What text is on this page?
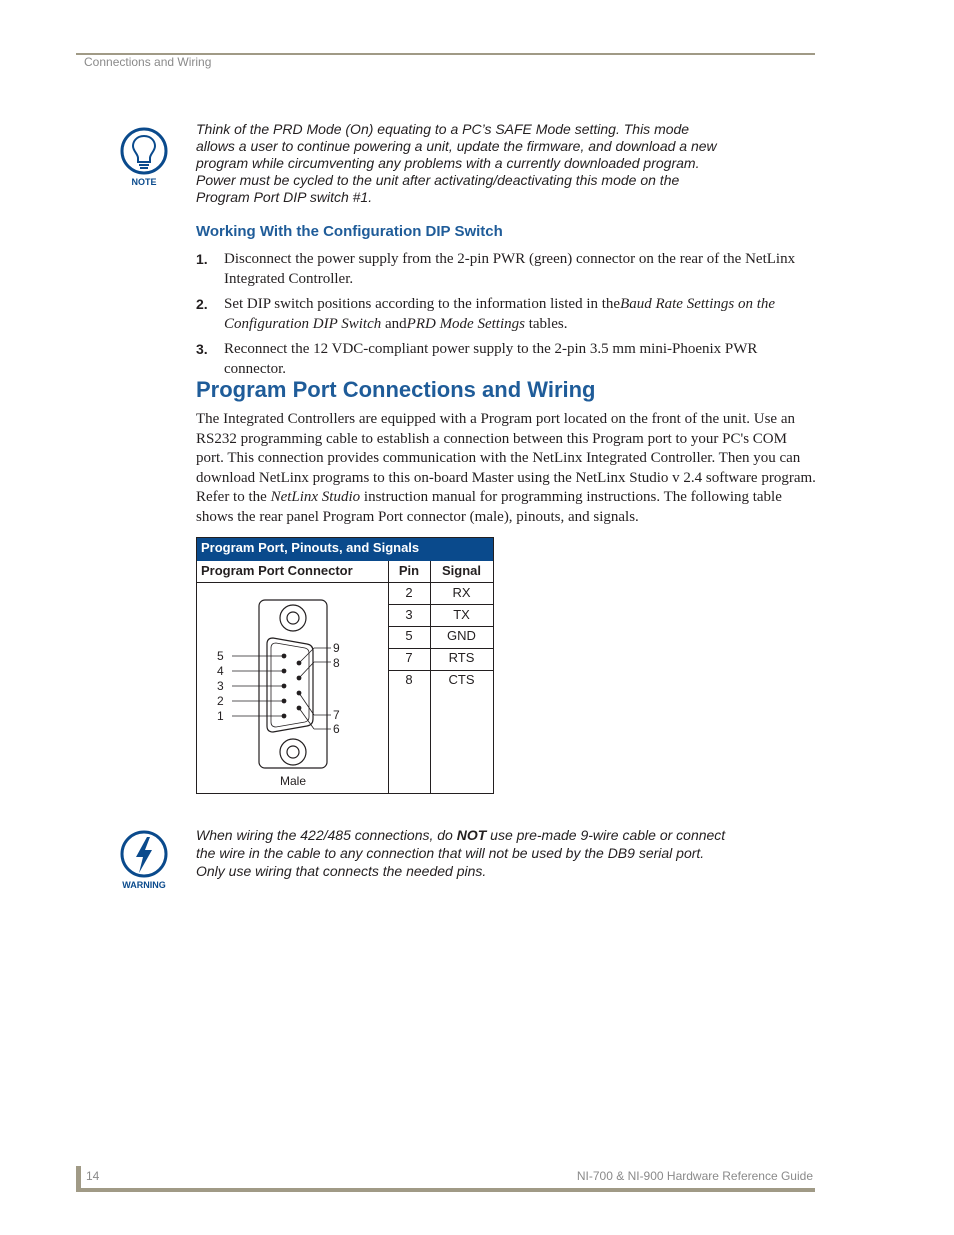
Connections and Wiring
NOTE
Think of the PRD Mode (On) equating to a PC’s SAFE Mode setting. This mode allows a user to continue powering a unit, update the firmware, and download a new program while circumventing any problems with a currently downloaded program. Power must be cycled to the unit after activating/deactivating this mode on the Program Port DIP switch #1.
Working With the Configuration DIP Switch
1. Disconnect the power supply from the 2-pin PWR (green) connector on the rear of the NetLinx Integrated Controller.
2. Set DIP switch positions according to the information listed in theBaud Rate Settings on the Configuration DIP Switch andPRD Mode Settings tables.
3. Reconnect the 12 VDC-compliant power supply to the 2-pin 3.5 mm mini-Phoenix PWR connector.
Program Port Connections and Wiring
The Integrated Controllers are equipped with a Program port located on the front of the unit. Use an RS232 programming cable to establish a connection between this Program port to your PC's COM port. This connection provides communication with the NetLinx Integrated Controller. Then you can download NetLinx programs to this on-board Master using the NetLinx Studio v 2.4 software program. Refer to the NetLinx Studio instruction manual for programming instructions. The following table shows the rear panel Program Port connector (male), pinouts, and signals.
Program Port, Pinouts, and Signals
Program Port Connector	Pin	Signal
2	RX
3	TX
5	GND
7	RTS
8	CTS
5
4
3
2
1
9
8
7
6
Male
WARNING
When wiring the 422/485 connections, do NOT use pre-made 9-wire cable or connect the wire in the cable to any connection that will not be used by the DB9 serial port. Only use wiring that connects the needed pins.
14	NI-700 & NI-900 Hardware Reference Guide
